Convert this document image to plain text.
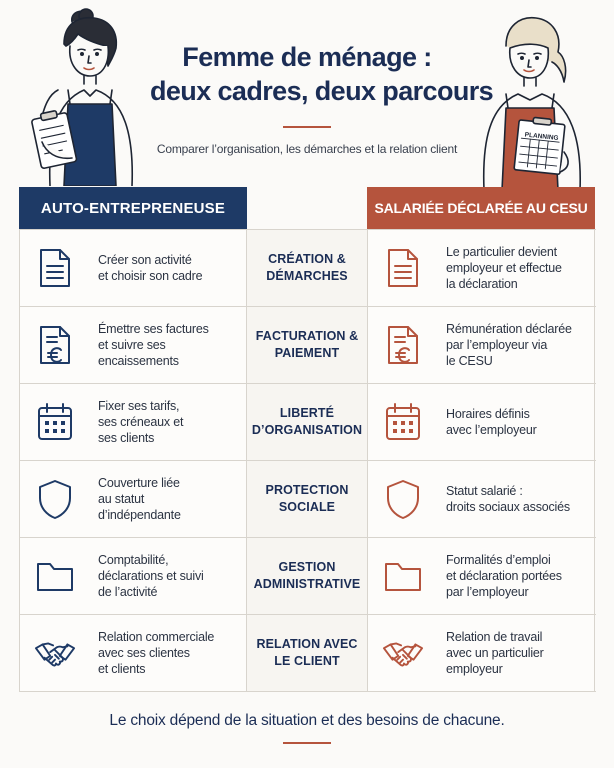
Femme de ménage :
deux cadres, deux parcours
Comparer l’organisation, les démarches et la relation client
PLANNING
AUTO-ENTREPRENEUSE	SALARIÉE DÉCLARÉE AU CESU
Créer son activité
et choisir son cadre
CRÉATION &
DÉMARCHES
Le particulier devient
employeur et effectue
la déclaration
Émettre ses factures
et suivre ses
encaissements
FACTURATION &
PAIEMENT
Rémunération déclarée
par l’employeur via
le CESU
Fixer ses tarifs,
ses créneaux et
ses clients
LIBERTÉ
D’ORGANISATION
Horaires définis
avec l’employeur
Couverture liée
au statut
d’indépendante
PROTECTION
SOCIALE
Statut salarié :
droits sociaux associés
Comptabilité,
déclarations et suivi
de l’activité
GESTION
ADMINISTRATIVE
Formalités d’emploi
et déclaration portées
par l’employeur
Relation commerciale
avec ses clientes
et clients
RELATION AVEC
LE CLIENT
Relation de travail
avec un particulier
employeur
Le choix dépend de la situation et des besoins de chacune.
